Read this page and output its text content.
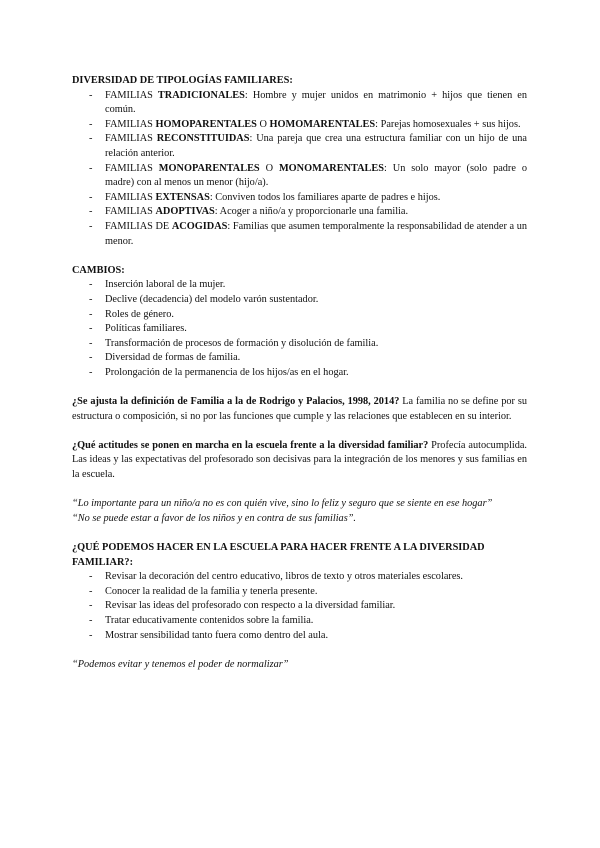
DIVERSIDAD DE TIPOLOGÍAS FAMILIARES:
- FAMILIAS TRADICIONALES: Hombre y mujer unidos en matrimonio + hijos que tienen en común.
- FAMILIAS HOMOPARENTALES O HOMOMARENTALES: Parejas homosexuales + sus hijos.
- FAMILIAS RECONSTITUIDAS: Una pareja que crea una estructura familiar con un hijo de una relación anterior.
- FAMILIAS MONOPARENTALES O MONOMARENTALES: Un solo mayor (solo padre o madre) con al menos un menor (hijo/a).
- FAMILIAS EXTENSAS: Conviven todos los familiares aparte de padres e hijos.
- FAMILIAS ADOPTIVAS: Acoger a niño/a y proporcionarle una familia.
- FAMILIAS DE ACOGIDAS: Familias que asumen temporalmente la responsabilidad de atender a un menor.
CAMBIOS:
- Inserción laboral de la mujer.
- Declive (decadencia) del modelo varón sustentador.
- Roles de género.
- Políticas familiares.
- Transformación de procesos de formación y disolución de familia.
- Diversidad de formas de familia.
- Prolongación de la permanencia de los hijos/as en el hogar.

¿Se ajusta la definición de Familia a la de Rodrigo y Palacios, 1998, 2014? La familia no se define por su estructura o composición, si no por las funciones que cumple y las relaciones que establecen en su interior.

¿Qué actitudes se ponen en marcha en la escuela frente a la diversidad familiar? Profecía autocumplida. Las ideas y las expectativas del profesorado son decisivas para la integración de los menores y sus familias en la escuela.

“Lo importante para un niño/a no es con quién vive, sino lo feliz y seguro que se siente en ese hogar”

“No se puede estar a favor de los niños y en contra de sus familias”.

¿QUÉ PODEMOS HACER EN LA ESCUELA PARA HACER FRENTE A LA DIVERSIDAD FAMILIAR?:
- Revisar la decoración del centro educativo, libros de texto y otros materiales escolares.
- Conocer la realidad de la familia y tenerla presente.
- Revisar las ideas del profesorado con respecto a la diversidad familiar.
- Tratar educativamente contenidos sobre la familia.
- Mostrar sensibilidad tanto fuera como dentro del aula.

“Podemos evitar y tenemos el poder de normalizar”
